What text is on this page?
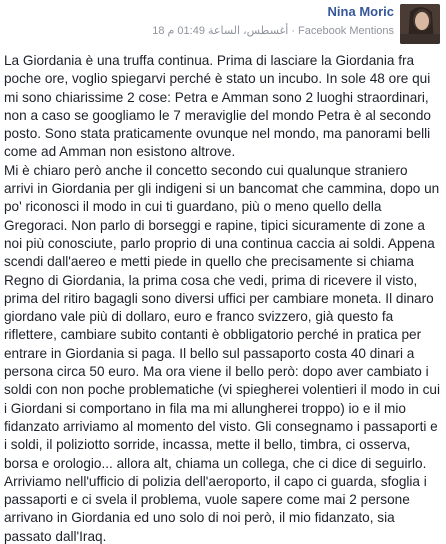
Nina Moric
18 أغسطس، الساعة 01:49 م · Facebook Mentions

La Giordania è una truffa continua. Prima di lasciare la Giordania fra poche ore, voglio spiegarvi perché è stato un incubo. In sole 48 ore qui mi sono chiarissime 2 cose: Petra e Amman sono 2 luoghi straordinari, non a caso se googliamo le 7 meraviglie del mondo Petra è al secondo posto. Sono stata praticamente ovunque nel mondo, ma panorami belli come ad Amman non esistono altrove.

Mi è chiaro però anche il concetto secondo cui qualunque straniero arrivi in Giordania per gli indigeni si un bancomat che cammina, dopo un po' riconosci il modo in cui ti guardano, più o meno quello della Gregoraci. Non parlo di borseggi e rapine, tipici sicuramente di zone a noi più conosciute, parlo proprio di una continua caccia ai soldi. Appena scendi dall'aereo e metti piede in quello che precisamente si chiama Regno di Giordania, la prima cosa che vedi, prima di ricevere il visto, prima del ritiro bagagli sono diversi uffici per cambiare moneta. Il dinaro giordano vale più di dollaro, euro e franco svizzero, già questo fa riflettere, cambiare subito contanti è obbligatorio perché in pratica per entrare in Giordania si paga. Il bello sul passaporto costa 40 dinari a persona circa 50 euro. Ma ora viene il bello però: dopo aver cambiato i soldi con non poche problematiche (vi spiegherei volentieri il modo in cui i Giordani si comportano in fila ma mi allungherei troppo) io e il mio fidanzato arriviamo al momento del visto. Gli consegnamo i passaporti e i soldi, il poliziotto sorride, incassa, mette il bello, timbra, ci osserva, borsa e orologio... allora alt, chiama un collega, che ci dice di seguirlo. Arriviamo nell'ufficio di polizia dell'aeroporto, il capo ci guarda, sfoglia i passaporti e ci svela il problema, vuole sapere come mai 2 persone arrivano in Giordania ed uno solo di noi però, il mio fidanzato, sia passato dall'Iraq.
